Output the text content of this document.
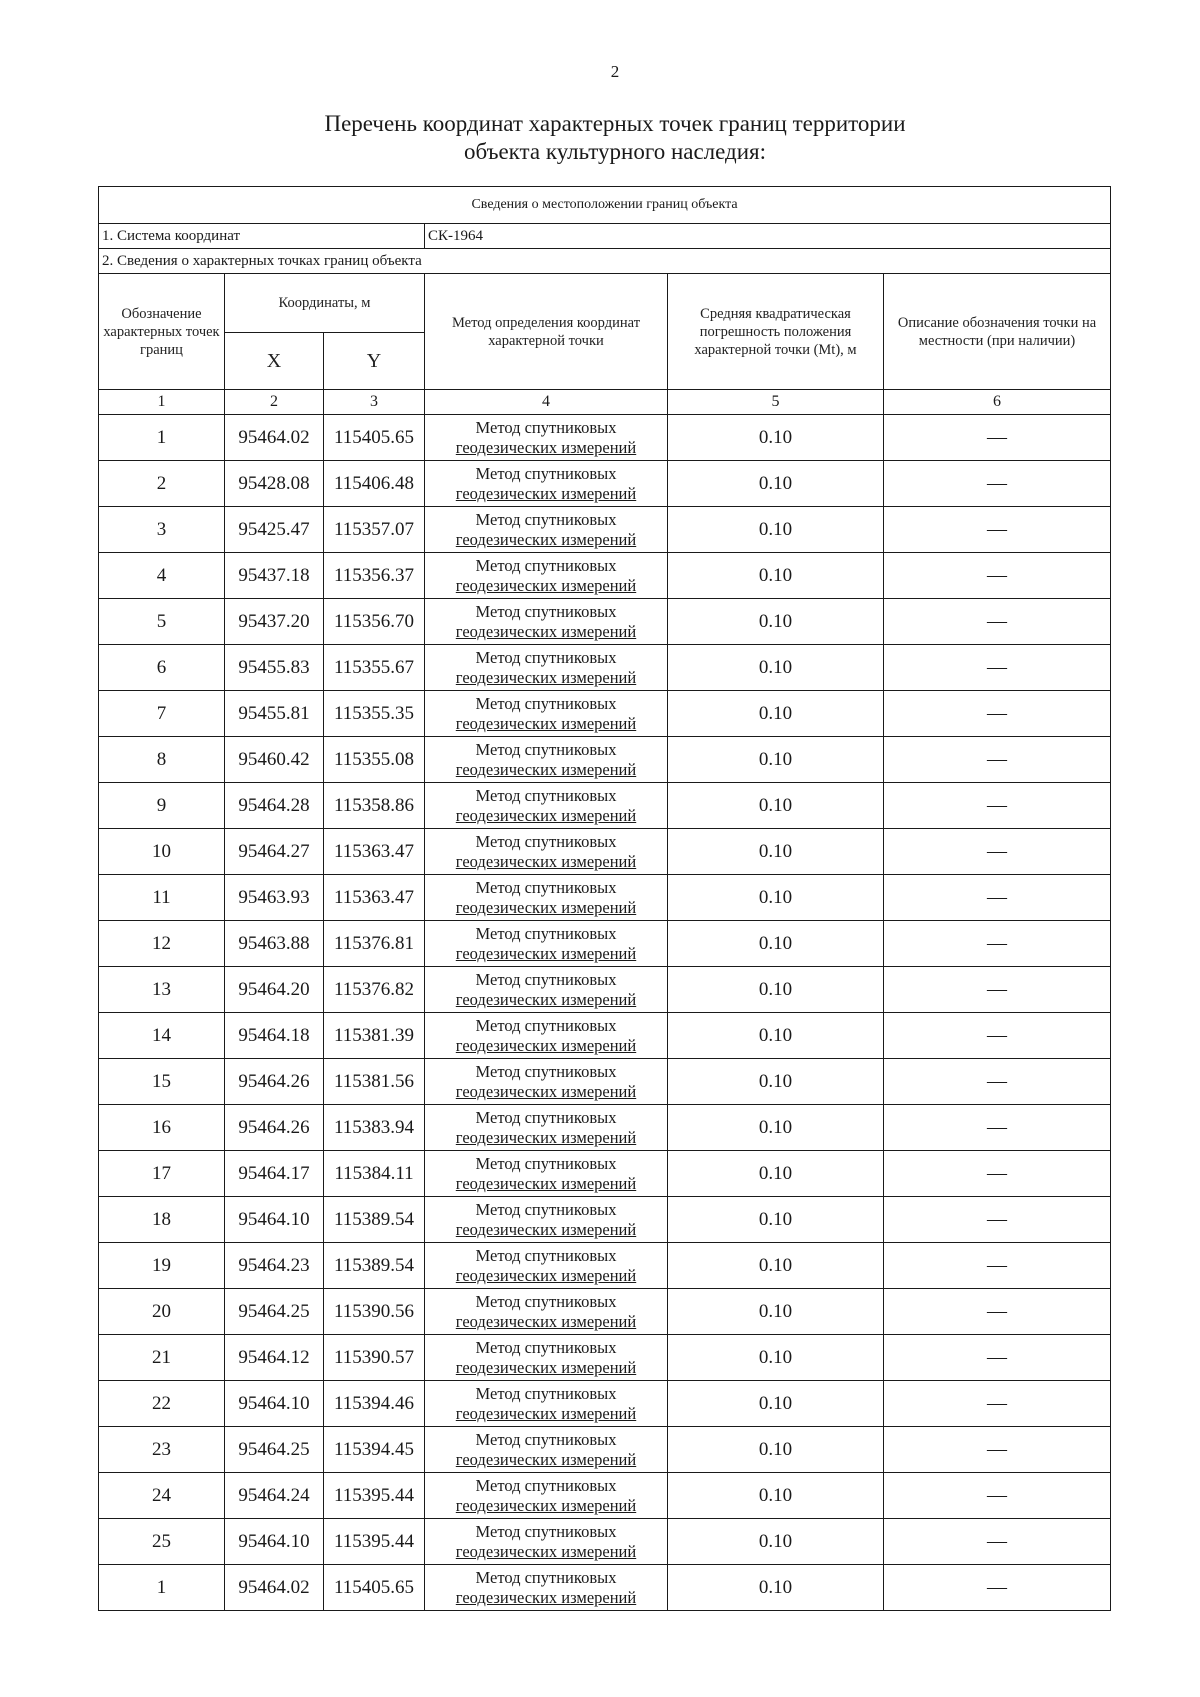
2
Перечень координат характерных точек границ территории
объекта культурного наследия:
Сведения о местоположении границ объекта					
1. Система координат			СК-1964		
2. Сведения о характерных точках границ объекта					
Обозначение характерных точек границ	Координаты, м		Метод определения координат характерной точки	Средняя квадратическая погрешность положения характерной точки (Mt), м	Описание обозначения точки на местности (при наличии)
	X	Y			
1	2	3	4	5	6
1	95464.02	115405.65	Метод спутниковых
геодезических измерений	0.10	—
2	95428.08	115406.48	Метод спутниковых
геодезических измерений	0.10	—
3	95425.47	115357.07	Метод спутниковых
геодезических измерений	0.10	—
4	95437.18	115356.37	Метод спутниковых
геодезических измерений	0.10	—
5	95437.20	115356.70	Метод спутниковых
геодезических измерений	0.10	—
6	95455.83	115355.67	Метод спутниковых
геодезических измерений	0.10	—
7	95455.81	115355.35	Метод спутниковых
геодезических измерений	0.10	—
8	95460.42	115355.08	Метод спутниковых
геодезических измерений	0.10	—
9	95464.28	115358.86	Метод спутниковых
геодезических измерений	0.10	—
10	95464.27	115363.47	Метод спутниковых
геодезических измерений	0.10	—
11	95463.93	115363.47	Метод спутниковых
геодезических измерений	0.10	—
12	95463.88	115376.81	Метод спутниковых
геодезических измерений	0.10	—
13	95464.20	115376.82	Метод спутниковых
геодезических измерений	0.10	—
14	95464.18	115381.39	Метод спутниковых
геодезических измерений	0.10	—
15	95464.26	115381.56	Метод спутниковых
геодезических измерений	0.10	—
16	95464.26	115383.94	Метод спутниковых
геодезических измерений	0.10	—
17	95464.17	115384.11	Метод спутниковых
геодезических измерений	0.10	—
18	95464.10	115389.54	Метод спутниковых
геодезических измерений	0.10	—
19	95464.23	115389.54	Метод спутниковых
геодезических измерений	0.10	—
20	95464.25	115390.56	Метод спутниковых
геодезических измерений	0.10	—
21	95464.12	115390.57	Метод спутниковых
геодезических измерений	0.10	—
22	95464.10	115394.46	Метод спутниковых
геодезических измерений	0.10	—
23	95464.25	115394.45	Метод спутниковых
геодезических измерений	0.10	—
24	95464.24	115395.44	Метод спутниковых
геодезических измерений	0.10	—
25	95464.10	115395.44	Метод спутниковых
геодезических измерений	0.10	—
1	95464.02	115405.65	Метод спутниковых
геодезических измерений	0.10	—
